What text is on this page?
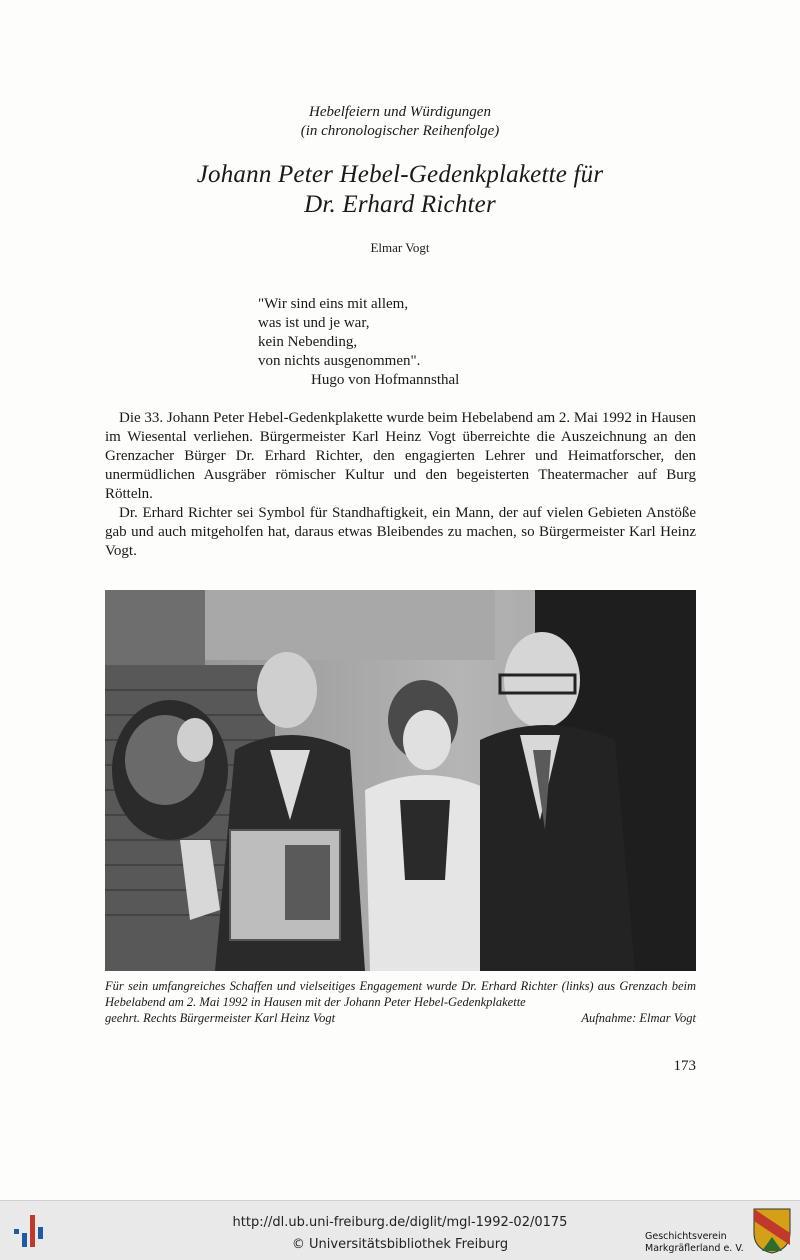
Hebelfeiern und Würdigungen
(in chronologischer Reihenfolge)
Johann Peter Hebel-Gedenkplakette für
Dr. Erhard Richter
Elmar Vogt
"Wir sind eins mit allem,
was ist und je war,
kein Nebending,
von nichts ausgenommen".
Hugo von Hofmannsthal

Die 33. Johann Peter Hebel-Gedenkplakette wurde beim Hebelabend am 2. Mai 1992 in Hausen im Wiesental verliehen. Bürgermeister Karl Heinz Vogt überreichte die Auszeichnung an den Grenzacher Bürger Dr. Erhard Richter, den engagierten Lehrer und Heimatforscher, den unermüdlichen Ausgräber römischer Kultur und den begeisterten Theatermacher auf Burg Rötteln.

Dr. Erhard Richter sei Symbol für Standhaftigkeit, ein Mann, der auf vielen Gebieten Anstöße gab und auch mitgeholfen hat, daraus etwas Bleibendes zu machen, so Bürgermeister Karl Heinz Vogt.

Für sein umfangreiches Schaffen und vielseitiges Engagement wurde Dr. Erhard Richter (links) aus Grenzach beim Hebelabend am 2. Mai 1992 in Hausen mit der Johann Peter Hebel-Gedenkplakette
geehrt. Rechts Bürgermeister Karl Heinz Vogt	Aufnahme: Elmar Vogt
173
http://dl.ub.uni-freiburg.de/diglit/mgl-1992-02/0175
© Universitätsbibliothek Freiburg
Geschichtsverein
Markgräflerland e. V.
